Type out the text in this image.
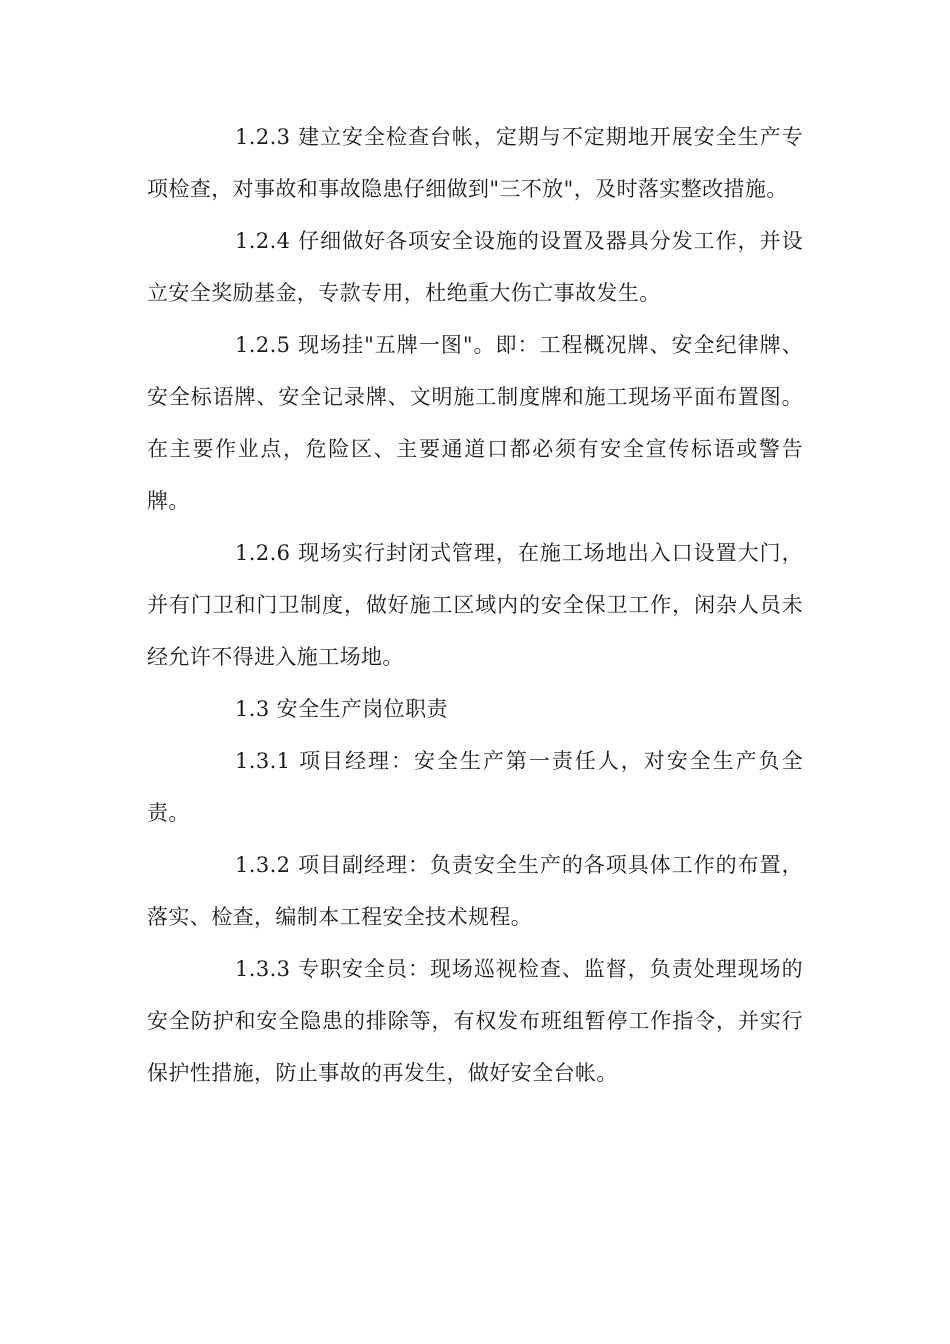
1.2.3 建立安全检查台帐，定期与不定期地开展安全生产专项检查，对事故和事故隐患仔细做到"三不放"，及时落实整改措施。

1.2.4 仔细做好各项安全设施的设置及器具分发工作，并设立安全奖励基金，专款专用，杜绝重大伤亡事故发生。

1.2.5 现场挂"五牌一图"。即：工程概况牌、安全纪律牌、安全标语牌、安全记录牌、文明施工制度牌和施工现场平面布置图。在主要作业点，危险区、主要通道口都必须有安全宣传标语或警告牌。

1.2.6 现场实行封闭式管理，在施工场地出入口设置大门，并有门卫和门卫制度，做好施工区域内的安全保卫工作，闲杂人员未经允许不得进入施工场地。

1.3 安全生产岗位职责

1.3.1 项目经理：安全生产第一责任人，对安全生产负全责。

1.3.2 项目副经理：负责安全生产的各项具体工作的布置，落实、检查，编制本工程安全技术规程。

1.3.3 专职安全员：现场巡视检查、监督，负责处理现场的安全防护和安全隐患的排除等，有权发布班组暂停工作指令，并实行保护性措施，防止事故的再发生，做好安全台帐。
